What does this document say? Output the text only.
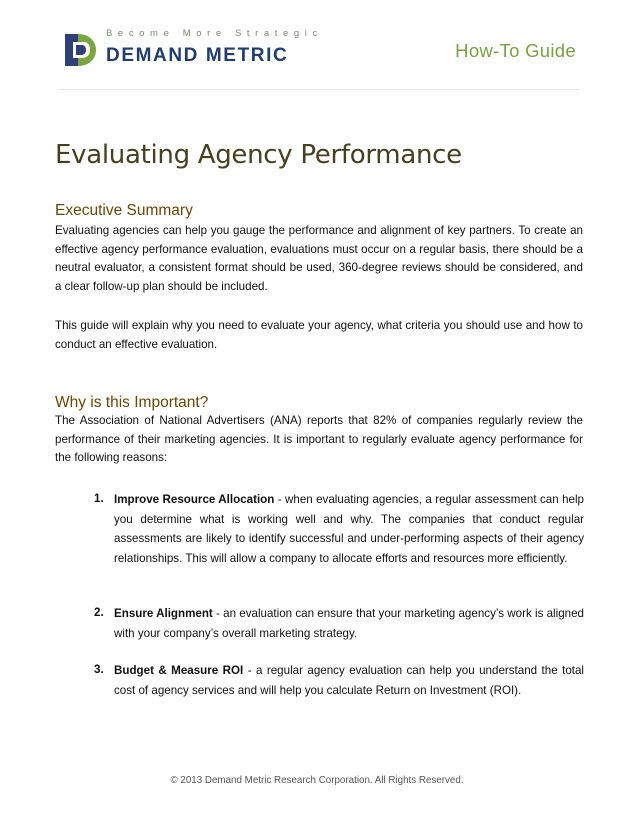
Become More Strategic
DEMAND METRIC	How-To Guide
Evaluating Agency Performance
Executive Summary

Evaluating agencies can help you gauge the performance and alignment of key partners. To create an effective agency performance evaluation, evaluations must occur on a regular basis, there should be a neutral evaluator, a consistent format should be used, 360-degree reviews should be considered, and a clear follow-up plan should be included.

This guide will explain why you need to evaluate your agency, what criteria you should use and how to conduct an effective evaluation.

Why is this Important?

The Association of National Advertisers (ANA) reports that 82% of companies regularly review the performance of their marketing agencies. It is important to regularly evaluate agency performance for the following reasons:

1. Improve Resource Allocation - when evaluating agencies, a regular assessment can help you determine what is working well and why. The companies that conduct regular assessments are likely to identify successful and under-performing aspects of their agency relationships. This will allow a company to allocate efforts and resources more efficiently.
2. Ensure Alignment - an evaluation can ensure that your marketing agency’s work is aligned with your company’s overall marketing strategy.
3. Budget & Measure ROI - a regular agency evaluation can help you understand the total cost of agency services and will help you calculate Return on Investment (ROI).
© 2013 Demand Metric Research Corporation. All Rights Reserved.
